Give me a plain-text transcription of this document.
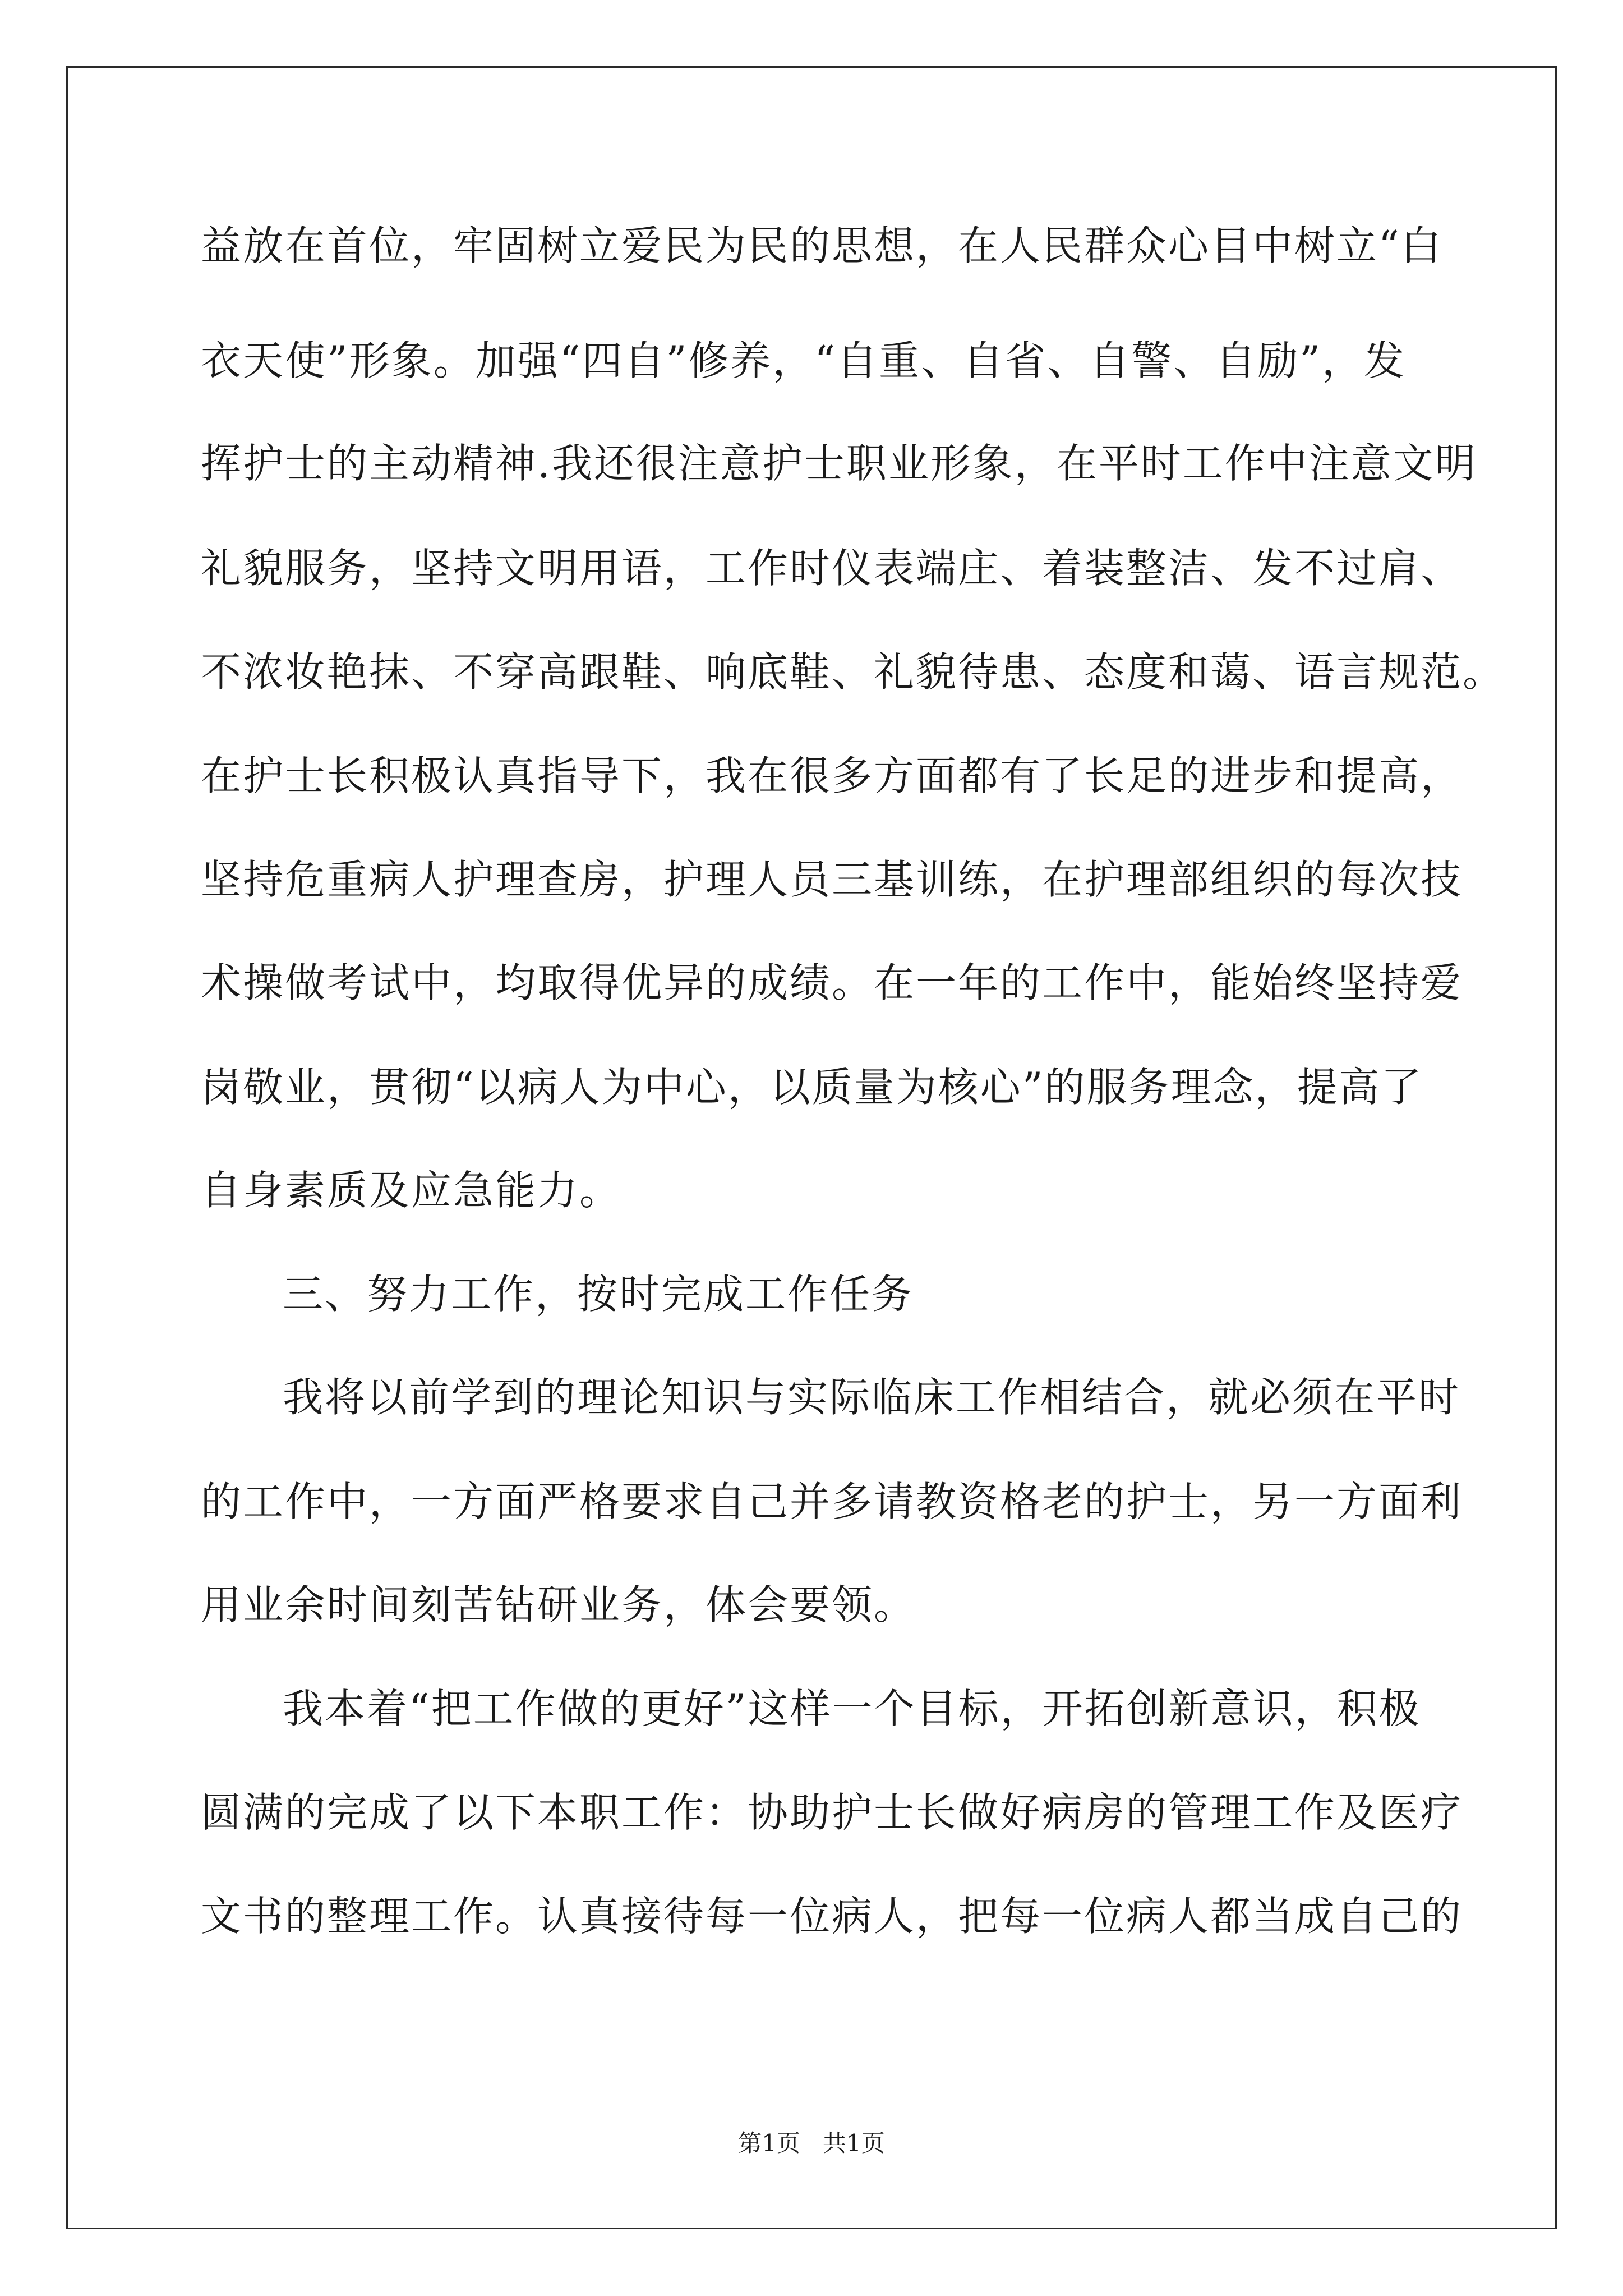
益放在首位，牢固树立爱民为民的思想，在人民群众心目中树立“白
衣天使”形象。加强“四自”修养，“自重、自省、自警、自励”，发
挥护士的主动精神.我还很注意护士职业形象，在平时工作中注意文明
礼貌服务，坚持文明用语，工作时仪表端庄、着装整洁、发不过肩、
不浓妆艳抹、不穿高跟鞋、响底鞋、礼貌待患、态度和蔼、语言规范。
在护士长积极认真指导下，我在很多方面都有了长足的进步和提高，
坚持危重病人护理查房，护理人员三基训练，在护理部组织的每次技
术操做考试中，均取得优异的成绩。在一年的工作中，能始终坚持爱
岗敬业，贯彻“以病人为中心，以质量为核心”的服务理念，提高了
自身素质及应急能力。
三、努力工作，按时完成工作任务
我将以前学到的理论知识与实际临床工作相结合，就必须在平时
的工作中，一方面严格要求自己并多请教资格老的护士，另一方面利
用业余时间刻苦钻研业务，体会要领。
我本着“把工作做的更好”这样一个目标，开拓创新意识，积极
圆满的完成了以下本职工作：协助护士长做好病房的管理工作及医疗
文书的整理工作。认真接待每一位病人，把每一位病人都当成自己的
第1页   共1页
